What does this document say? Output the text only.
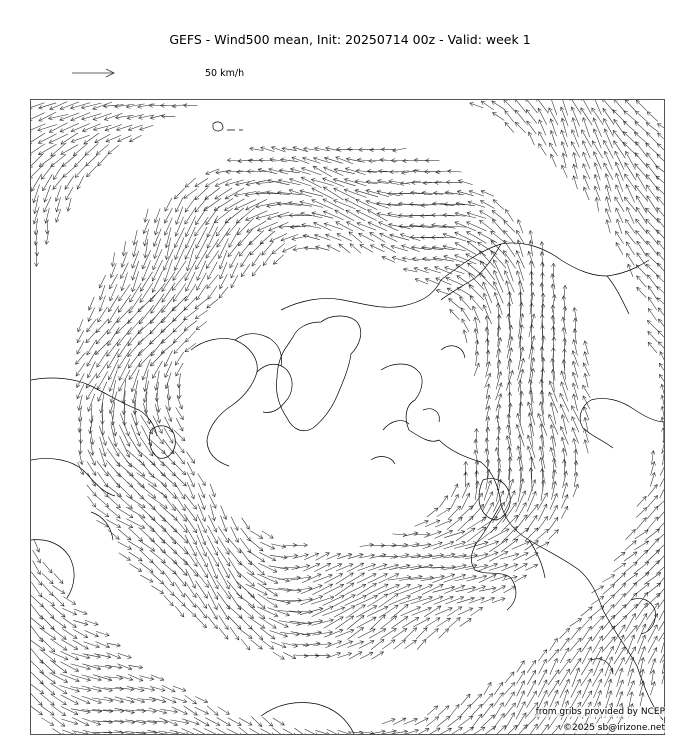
GEFS - Wind500 mean, Init: 20250714 00z - Valid: week 1
50 km/h
from gribs provided by NCEP
©2025 sb@irizone.net
